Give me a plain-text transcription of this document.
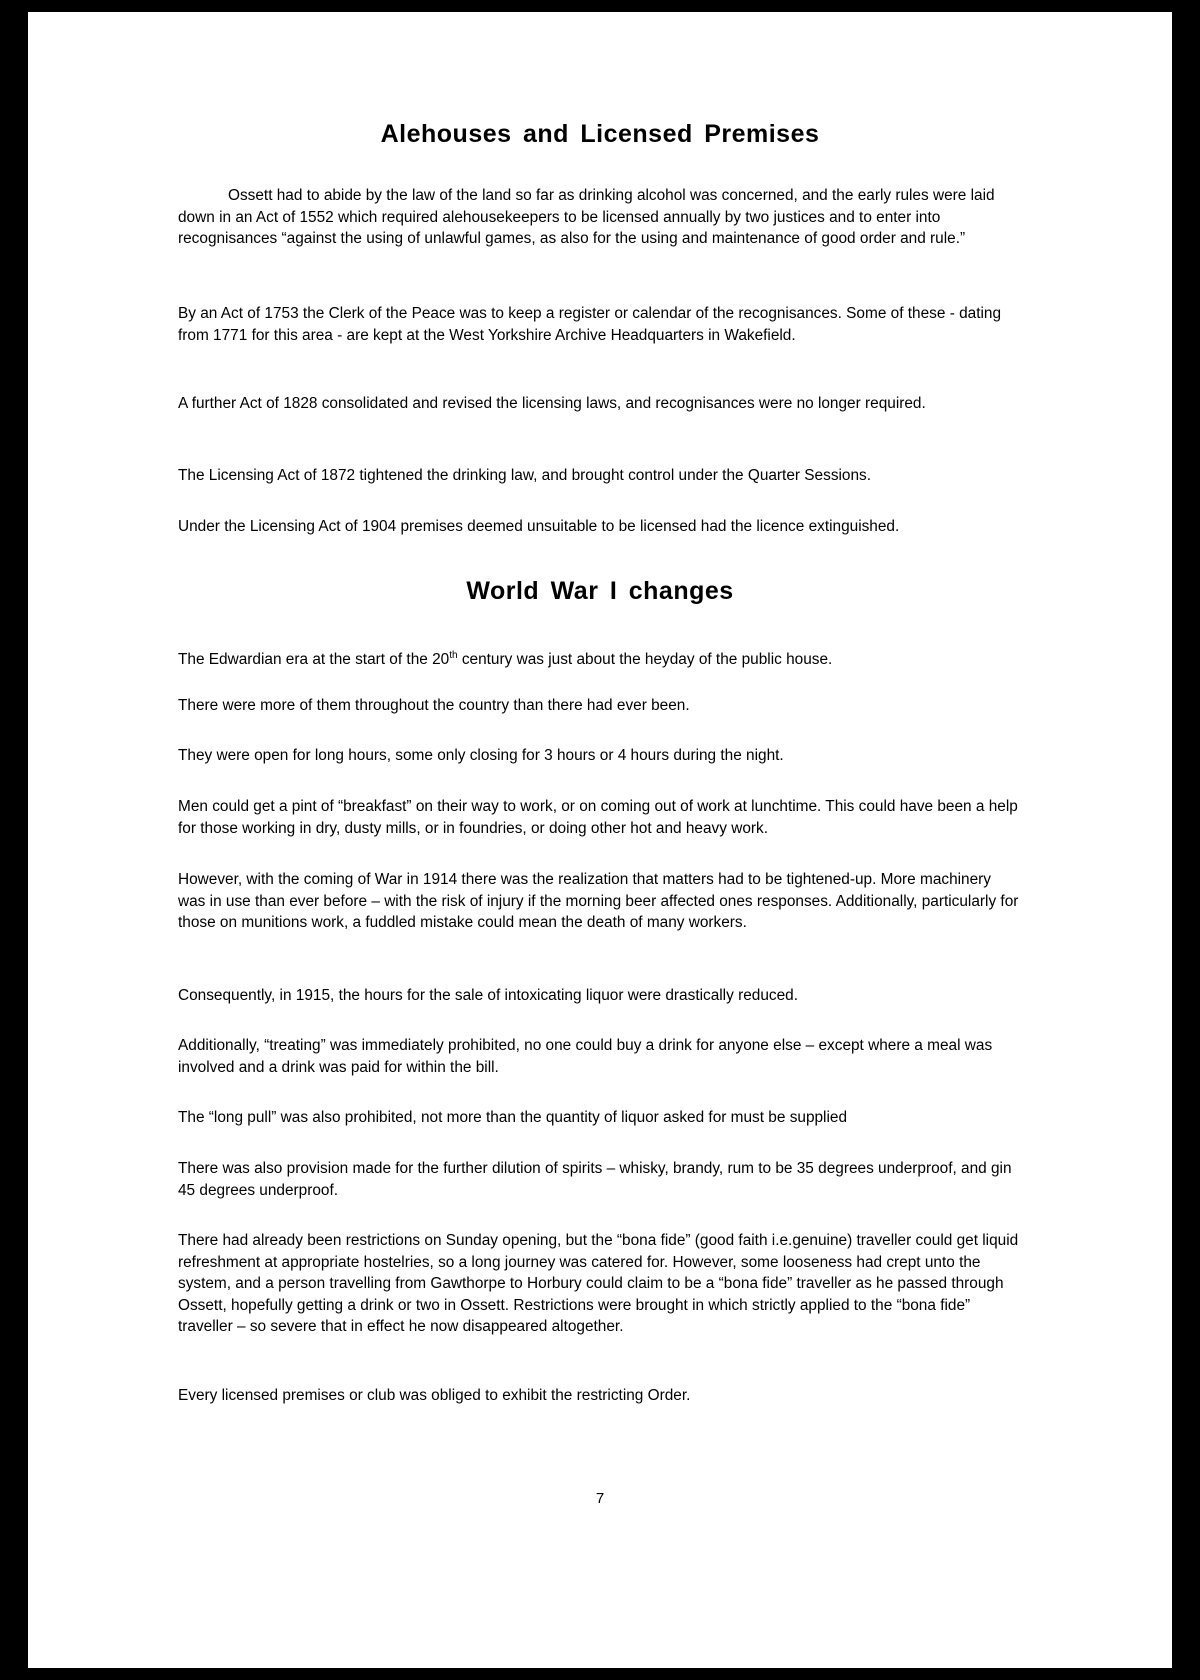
Alehouses and Licensed Premises
Ossett had to abide by the law of the land so far as drinking alcohol was concerned, and the early rules were laid down in an Act of 1552 which required alehousekeepers to be licensed annually by two justices and to enter into recognisances “against the using of unlawful games, as also for the using and maintenance of good order and rule.”
By an Act of 1753 the Clerk of the Peace was to keep a register or calendar of the recognisances. Some of these - dating from 1771 for this area - are kept at the West Yorkshire Archive Headquarters in Wakefield.
A further Act of 1828 consolidated and revised the licensing laws, and recognisances were no longer required.
The Licensing Act of 1872 tightened the drinking law, and brought control under the Quarter Sessions.
Under the Licensing Act of 1904 premises deemed unsuitable to be licensed had the licence extinguished.
World War I changes
The Edwardian era at the start of the 20th century was just about the heyday of the public house.
There were more of them throughout the country than there had ever been.
They were open for long hours, some only closing for 3 hours or 4 hours during the night.
Men could get a pint of “breakfast” on their way to work, or on coming out of work at lunchtime. This could have been a help for those working in dry, dusty mills, or in foundries, or doing other hot and heavy work.
However, with the coming of War in 1914 there was the realization that matters had to be tightened-up. More machinery was in use than ever before – with the risk of injury if the morning beer affected ones responses. Additionally, particularly for those on munitions work, a fuddled mistake could mean the death of many workers.
Consequently, in 1915, the hours for the sale of intoxicating liquor were drastically reduced.
Additionally, “treating” was immediately prohibited, no one could buy a drink for anyone else – except where a meal was involved and a drink was paid for within the bill.
The “long pull” was also prohibited, not more than the quantity of liquor asked for must be supplied
There was also provision made for the further dilution of spirits – whisky, brandy, rum to be 35 degrees underproof, and gin 45 degrees underproof.
There had already been restrictions on Sunday opening, but the “bona fide” (good faith i.e.genuine) traveller could get liquid refreshment at appropriate hostelries, so a long journey was catered for. However, some looseness had crept unto the system, and a person travelling from Gawthorpe to Horbury could claim to be a “bona fide” traveller as he passed through Ossett, hopefully getting a drink or two in Ossett. Restrictions were brought in which strictly applied to the “bona fide” traveller – so severe that in effect he now disappeared altogether.
Every licensed premises or club was obliged to exhibit the restricting Order.
7
